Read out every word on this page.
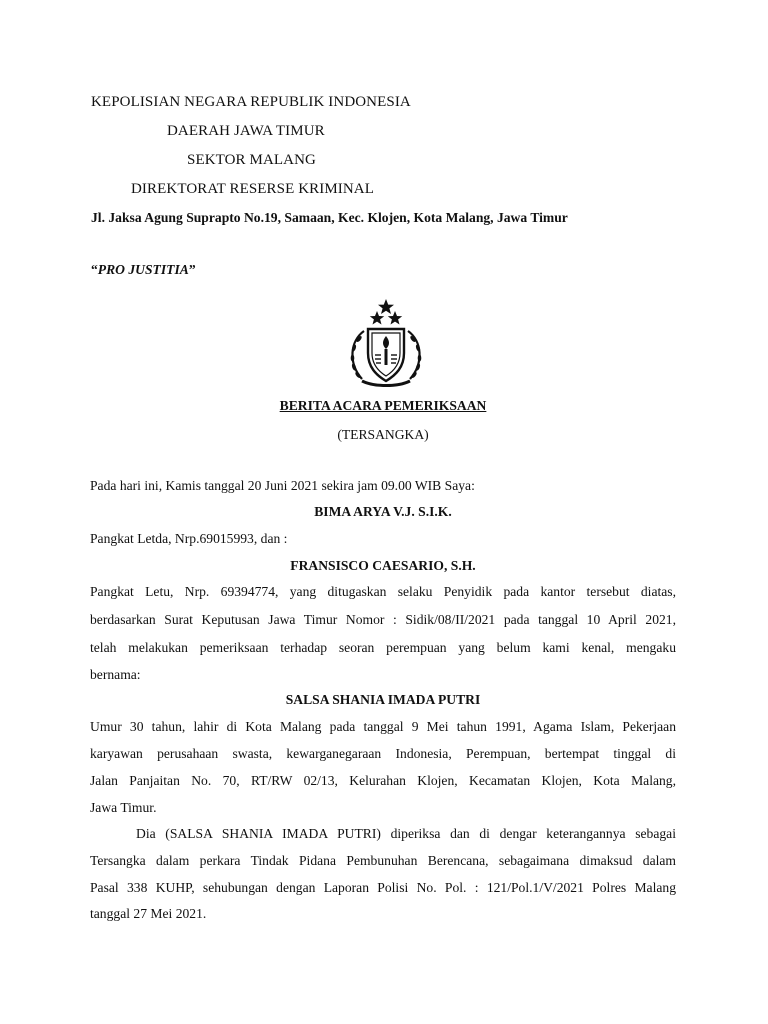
KEPOLISIAN NEGARA REPUBLIK INDONESIA
DAERAH JAWA TIMUR
SEKTOR MALANG
DIREKTORAT RESERSE KRIMINAL
Jl. Jaksa Agung Suprapto No.19, Samaan, Kec. Klojen, Kota Malang, Jawa Timur
“PRO JUSTITIA”
BERITA ACARA PEMERIKSAAN
(TERSANGKA)
Pada hari ini, Kamis tanggal 20 Juni 2021 sekira jam 09.00 WIB Saya:
BIMA ARYA V.J. S.I.K.
Pangkat Letda, Nrp.69015993, dan :
FRANSISCO CAESARIO, S.H.
Pangkat Letu, Nrp. 69394774, yang ditugaskan selaku Penyidik pada kantor tersebut diatas,
berdasarkan Surat Keputusan Jawa Timur Nomor : Sidik/08/II/2021 pada tanggal 10 April 2021,
telah melakukan pemeriksaan terhadap seoran perempuan yang belum kami kenal, mengaku
bernama:
SALSA SHANIA IMADA PUTRI
Umur 30 tahun, lahir di Kota Malang pada tanggal 9 Mei tahun 1991, Agama Islam, Pekerjaan
karyawan perusahaan swasta, kewarganegaraan Indonesia, Perempuan, bertempat tinggal di
Jalan Panjaitan No. 70, RT/RW 02/13, Kelurahan Klojen, Kecamatan Klojen, Kota Malang,
Jawa Timur.
Dia (SALSA SHANIA IMADA PUTRI) diperiksa dan di dengar keterangannya sebagai
Tersangka dalam perkara Tindak Pidana Pembunuhan Berencana, sebagaimana dimaksud dalam
Pasal 338 KUHP, sehubungan dengan Laporan Polisi No. Pol. : 121/Pol.1/V/2021 Polres Malang
tanggal 27 Mei 2021.
